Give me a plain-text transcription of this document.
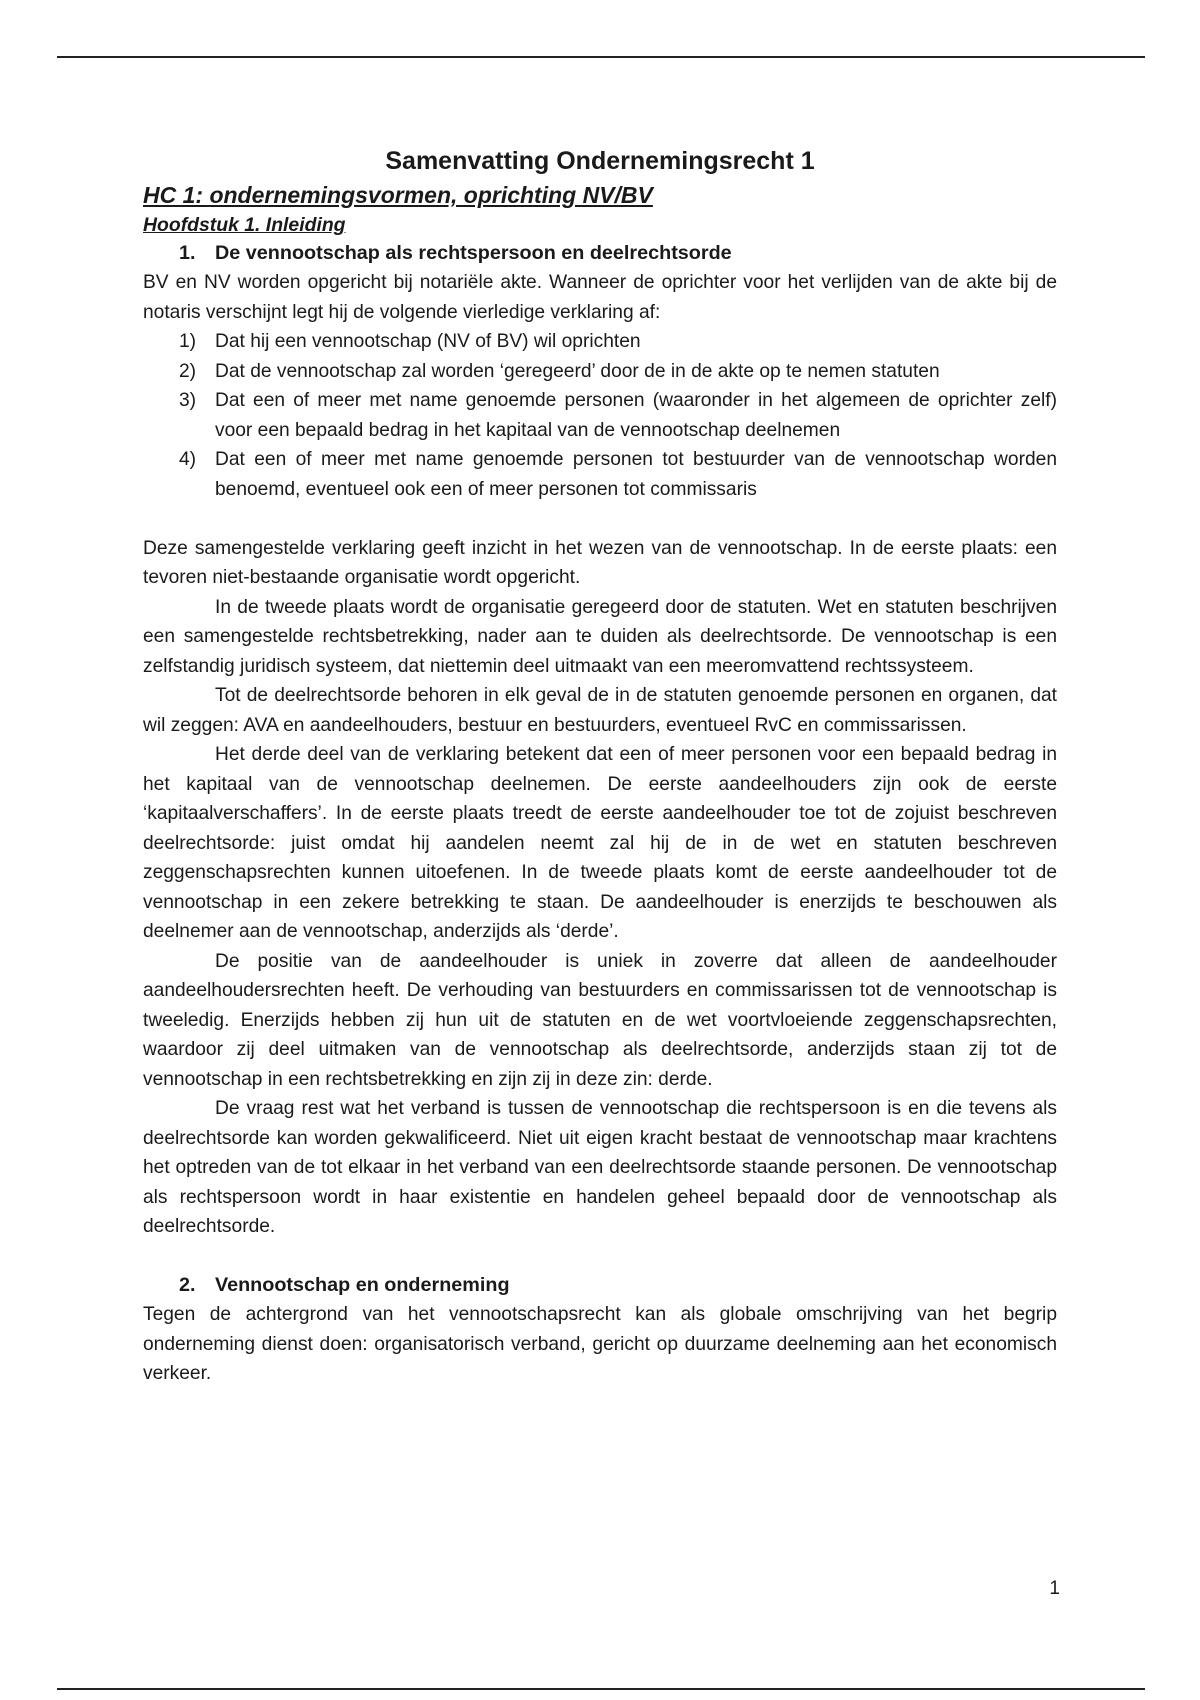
Samenvatting Ondernemingsrecht 1
HC 1: ondernemingsvormen, oprichting NV/BV
Hoofdstuk 1. Inleiding
1. De vennootschap als rechtspersoon en deelrechtsorde

BV en NV worden opgericht bij notariële akte. Wanneer de oprichter voor het verlijden van de akte bij de notaris verschijnt legt hij de volgende vierledige verklaring af:

1) Dat hij een vennootschap (NV of BV) wil oprichten
2) Dat de vennootschap zal worden ‘geregeerd’ door de in de akte op te nemen statuten
3) Dat een of meer met name genoemde personen (waaronder in het algemeen de oprichter zelf) voor een bepaald bedrag in het kapitaal van de vennootschap deelnemen
4) Dat een of meer met name genoemde personen tot bestuurder van de vennootschap worden benoemd, eventueel ook een of meer personen tot commissaris

Deze samengestelde verklaring geeft inzicht in het wezen van de vennootschap. In de eerste plaats: een tevoren niet-bestaande organisatie wordt opgericht.

In de tweede plaats wordt de organisatie geregeerd door de statuten. Wet en statuten beschrijven een samengestelde rechtsbetrekking, nader aan te duiden als deelrechtsorde. De vennootschap is een zelfstandig juridisch systeem, dat niettemin deel uitmaakt van een meeromvattend rechtssysteem.

Tot de deelrechtsorde behoren in elk geval de in de statuten genoemde personen en organen, dat wil zeggen: AVA en aandeelhouders, bestuur en bestuurders, eventueel RvC en commissarissen.

Het derde deel van de verklaring betekent dat een of meer personen voor een bepaald bedrag in het kapitaal van de vennootschap deelnemen. De eerste aandeelhouders zijn ook de eerste ‘kapitaalverschaffers’. In de eerste plaats treedt de eerste aandeelhouder toe tot de zojuist beschreven deelrechtsorde: juist omdat hij aandelen neemt zal hij de in de wet en statuten beschreven zeggenschapsrechten kunnen uitoefenen. In de tweede plaats komt de eerste aandeelhouder tot de vennootschap in een zekere betrekking te staan. De aandeelhouder is enerzijds te beschouwen als deelnemer aan de vennootschap, anderzijds als ‘derde’.

De positie van de aandeelhouder is uniek in zoverre dat alleen de aandeelhouder aandeelhoudersrechten heeft. De verhouding van bestuurders en commissarissen tot de vennootschap is tweeledig. Enerzijds hebben zij hun uit de statuten en de wet voortvloeiende zeggenschapsrechten, waardoor zij deel uitmaken van de vennootschap als deelrechtsorde, anderzijds staan zij tot de vennootschap in een rechtsbetrekking en zijn zij in deze zin: derde.

De vraag rest wat het verband is tussen de vennootschap die rechtspersoon is en die tevens als deelrechtsorde kan worden gekwalificeerd. Niet uit eigen kracht bestaat de vennootschap maar krachtens het optreden van de tot elkaar in het verband van een deelrechtsorde staande personen. De vennootschap als rechtspersoon wordt in haar existentie en handelen geheel bepaald door de vennootschap als deelrechtsorde.

2. Vennootschap en onderneming

Tegen de achtergrond van het vennootschapsrecht kan als globale omschrijving van het begrip onderneming dienst doen: organisatorisch verband, gericht op duurzame deelneming aan het economisch verkeer.

1
